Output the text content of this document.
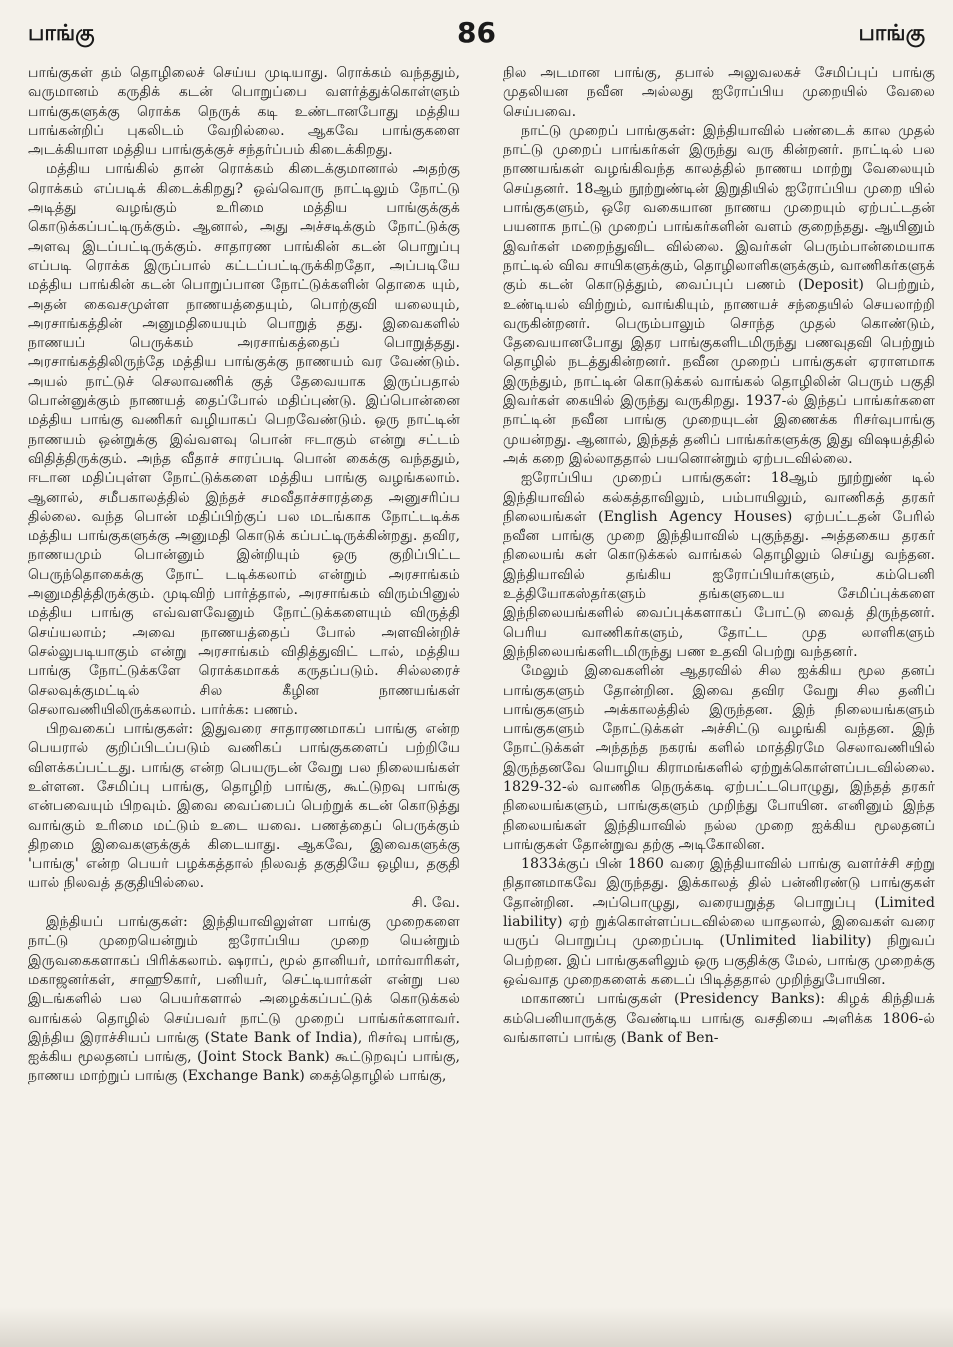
பாங்கு	86	பாங்கு

பாங்குகள் தம் தொழிலைச் செய்ய முடியாது. ரொக்கம் வந்ததும், வருமானம் கருதிக் கடன் பொறுப்பை வளர்த்துக்கொள்ளும் பாங்குகளுக்கு ரொக்க நெருக் கடி உண்டானபோது மத்திய பாங்கன்றிப் புகலிடம் வேறில்லை. ஆகவே பாங்குகளை அடக்கியாள மத்திய பாங்குக்குச் சந்தர்ப்பம் கிடைக்கிறது.

மத்திய பாங்கில் தான் ரொக்கம் கிடைக்குமானால் அதற்கு ரொக்கம் எப்படிக் கிடைக்கிறது? ஒவ்வொரு நாட்டிலும் நோட்டு அடித்து வழங்கும் உரிமை மத்திய பாங்குக்குக் கொடுக்கப்பட்டிருக்கும். ஆனால், அது அச்சடிக்கும் நோட்டுக்கு அளவு இடப்பட்டிருக்கும். சாதாரண பாங்கின் கடன் பொறுப்பு எப்படி ரொக்க இருப்பால் கட்டப்பட்டிருக்கிறதோ, அப்படியே மத்திய பாங்கின் கடன் பொறுப்பான நோட்டுக்களின் தொகை யும், அதன் கைவசமுள்ள நாணயத்தையும், பொற்குவி யலையும், அரசாங்கத்தின் அனுமதியையும் பொறுத் தது. இவைகளில் நாணயப் பெருக்கம் அரசாங்கத்தைப் பொறுத்தது. அரசாங்கத்திலிருந்தே மத்திய பாங்குக்கு நாணயம் வர வேண்டும். அயல் நாட்டுச் செலாவணிக் குத் தேவையாக இருப்பதால் பொன்னுக்கும் நாணயத் தைப்போல் மதிப்புண்டு. இப்பொன்னை மத்திய பாங்கு வணிகர் வழியாகப் பெறவேண்டும். ஒரு நாட்டின் நாணயம் ஒன்றுக்கு இவ்வளவு பொன் ஈடாகும் என்று சட்டம் விதித்திருக்கும். அந்த வீதாச் சாரப்படி பொன் கைக்கு வந்ததும், ஈடான மதிப்புள்ள நோட்டுக்களை மத்திய பாங்கு வழங்கலாம். ஆனால், சமீபகாலத்தில் இந்தச் சமவீதாச்சாரத்தை அனுசரிப்ப தில்லை. வந்த பொன் மதிப்பிற்குப் பல மடங்காக நோட்டடிக்க மத்திய பாங்குகளுக்கு அனுமதி கொடுக் கப்பட்டிருக்கின்றது. தவிர, நாணயமும் பொன்னும் இன்றியும் ஒரு குறிப்பிட்ட பெருந்தொகைக்கு நோட் டடிக்கலாம் என்றும் அரசாங்கம் அனுமதித்திருக்கும். முடிவிற் பார்த்தால், அரசாங்கம் விரும்பினுல் மத்திய பாங்கு எவ்வளவேனும் நோட்டுக்களையும் விருத்தி செய்யலாம்; அவை நாணயத்தைப் போல் அளவின்றிச் செல்லுபடியாகும் என்று அரசாங்கம் விதித்துவிட் டால், மத்திய பாங்கு நோட்டுக்களே ரொக்கமாகக் கருதப்படும். சில்லரைச் செலவுக்குமட்டில் சில கீழின நாணயங்கள் செலாவணியிலிருக்கலாம். பார்க்க: பணம்.

பிறவகைப் பாங்குகள்: இதுவரை சாதாரணமாகப் பாங்கு என்ற பெயரால் குறிப்பிடப்படும் வணிகப் பாங்குகளைப் பற்றியே விளக்கப்பட்டது. பாங்கு என்ற பெயருடன் வேறு பல நிலையங்கள் உள்ளன. சேமிப்பு பாங்கு, தொழிற் பாங்கு, கூட்டுறவு பாங்கு என்பவையும் பிறவும். இவை வைப்பைப் பெற்றுக் கடன் கொடுத்து வாங்கும் உரிமை மட்டும் உடை யவை. பணத்தைப் பெருக்கும் திறமை இவைகளுக்குக் கிடையாது. ஆகவே, இவைகளுக்கு 'பாங்கு' என்ற பெயர் பழக்கத்தால் நிலவத் தகுதியே ஒழிய, தகுதி யால் நிலவத் தகுதியில்லை.

சி. வே.

இந்தியப் பாங்குகள்: இந்தியாவிலுள்ள பாங்கு முறைகளை நாட்டு முறையென்றும் ஐரோப்பிய முறை யென்றும் இருவகைகளாகப் பிரிக்கலாம். ஷராப், மூல் தானியர், மார்வாரிகள், மகாஜனர்கள், சாஹூகார், பனியர், செட்டியார்கள் என்று பல இடங்களில் பல பெயர்களால் அழைக்கப்பட்டுக் கொடுக்கல் வாங்கல் தொழில் செய்பவர் நாட்டு முறைப் பாங்கர்களாவர். இந்திய இராச்சியப் பாங்கு (State Bank of India), ரிசர்வு பாங்கு, ஐக்கிய மூலதனப் பாங்கு, (Joint Stock Bank) கூட்டுறவுப் பாங்கு, நாணய மாற்றுப் பாங்கு (Exchange Bank) கைத்தொழில் பாங்கு,

நில அடமான பாங்கு, தபால் அலுவலகச் சேமிப்புப் பாங்கு முதலியன நவீன அல்லது ஐரோப்பிய முறையில் வேலை செய்பவை.

நாட்டு முறைப் பாங்குகள்: இந்தியாவில் பண்டைக் கால முதல் நாட்டு முறைப் பாங்கர்கள் இருந்து வரு கின்றனர். நாட்டில் பல நாணயங்கள் வழங்கிவந்த காலத்தில் நாணய மாற்று வேலையும் செய்தனர். 18ஆம் நூற்றுண்டின் இறுதியில் ஐரோப்பிய முறை யில் பாங்குகளும், ஒரே வகையான நாணய முறையும் ஏற்பட்டதன் பயனாக நாட்டு முறைப் பாங்கர்களின் வளம் குறைந்தது. ஆயினும் இவர்கள் மறைந்துவிட வில்லை. இவர்கள் பெரும்பான்மையாக நாட்டில் விவ சாயிகளுக்கும், தொழிலாளிகளுக்கும், வாணிகர்களுக் கும் கடன் கொடுத்தும், வைப்புப் பணம் (Deposit) பெற்றும், உண்டியல் விற்றும், வாங்கியும், நாணயச் சந்தையில் செயலாற்றி வருகின்றனர். பெரும்பாலும் சொந்த முதல் கொண்டும், தேவையானபோது இதர பாங்குகளிடமிருந்து பணவுதவி பெற்றும் தொழில் நடத்துகின்றனர். நவீன முறைப் பாங்குகள் ஏராளமாக இருந்தும், நாட்டின் கொடுக்கல் வாங்கல் தொழிலின் பெரும் பகுதி இவர்கள் கையில் இருந்து வருகிறது. 1937-ல் இந்தப் பாங்கர்களை நாட்டின் நவீன பாங்கு முறையுடன் இணைக்க ரிசர்வுபாங்கு முயன்றது. ஆனால், இந்தத் தனிப் பாங்கர்களுக்கு இது விஷயத்தில் அக் கறை இல்லாததால் பயனொன்றும் ஏற்படவில்லை.

ஐரோப்பிய முறைப் பாங்குகள்: 18ஆம் நூற்றுண் டில் இந்தியாவில் கல்கத்தாவிலும், பம்பாயிலும், வாணிகத் தரகர் நிலையங்கள் (English Agency Houses) ஏற்பட்டதன் பேரில் நவீன பாங்கு முறை இந்தியாவில் புகுந்தது. அத்தகைய தரகர் நிலையங் கள் கொடுக்கல் வாங்கல் தொழிலும் செய்து வந்தன. இந்தியாவில் தங்கிய ஐரோப்பியர்களும், கம்பெனி உத்தியோகஸ்தர்களும் தங்களுடைய சேமிப்புக்களை இந்நிலையங்களில் வைப்புக்களாகப் போட்டு வைத் திருந்தனர். பெரிய வாணிகர்களும், தோட்ட முத லாளிகளும் இந்நிலையங்களிடமிருந்து பண உதவி பெற்று வந்தனர்.

மேலும் இவைகளின் ஆதரவில் சில ஐக்கிய மூல தனப் பாங்குகளும் தோன்றின. இவை தவிர வேறு சில தனிப் பாங்குகளும் அக்காலத்தில் இருந்தன. இந் நிலையங்களும் பாங்குகளும் நோட்டுக்கள் அச்சிட்டு வழங்கி வந்தன. இந் நோட்டுக்கள் அந்தந்த நகரங் களில் மாத்திரமே செலாவணியில் இருந்தனவே யொழிய கிராமங்களில் ஏற்றுக்கொள்ளப்படவில்லை. 1829-32-ல் வாணிக நெருக்கடி ஏற்பட்டபொழுது, இந்தத் தரகர் நிலையங்களும், பாங்குகளும் முறிந்து போயின. எனினும் இந்த நிலையங்கள் இந்தியாவில் நல்ல முறை ஐக்கிய மூலதனப் பாங்குகள் தோன்றுவ தற்கு அடிகோலின.

1833க்குப் பின் 1860 வரை இந்தியாவில் பாங்கு வளர்ச்சி சற்று நிதானமாகவே இருந்தது. இக்காலத் தில் பன்னிரண்டு பாங்குகள் தோன்றின. அப்பொழுது, வரையறுத்த பொறுப்பு (Limited liability) ஏற் றுக்கொள்ளப்படவில்லை யாதலால், இவைகள் வரை யருப் பொறுப்பு முறைப்படி (Unlimited liability) நிறுவப் பெற்றன. இப் பாங்குகளிலும் ஒரு பகுதிக்கு மேல், பாங்கு முறைக்கு ஒவ்வாத முறைகளைக் கடைப் பிடித்ததால் முறிந்துபோயின.

மாகாணப் பாங்குகள் (Presidency Banks): கிழக் கிந்தியக் கம்பெனியாருக்கு வேண்டிய பாங்கு வசதியை அளிக்க 1806-ல் வங்காளப் பாங்கு (Bank of Ben-
